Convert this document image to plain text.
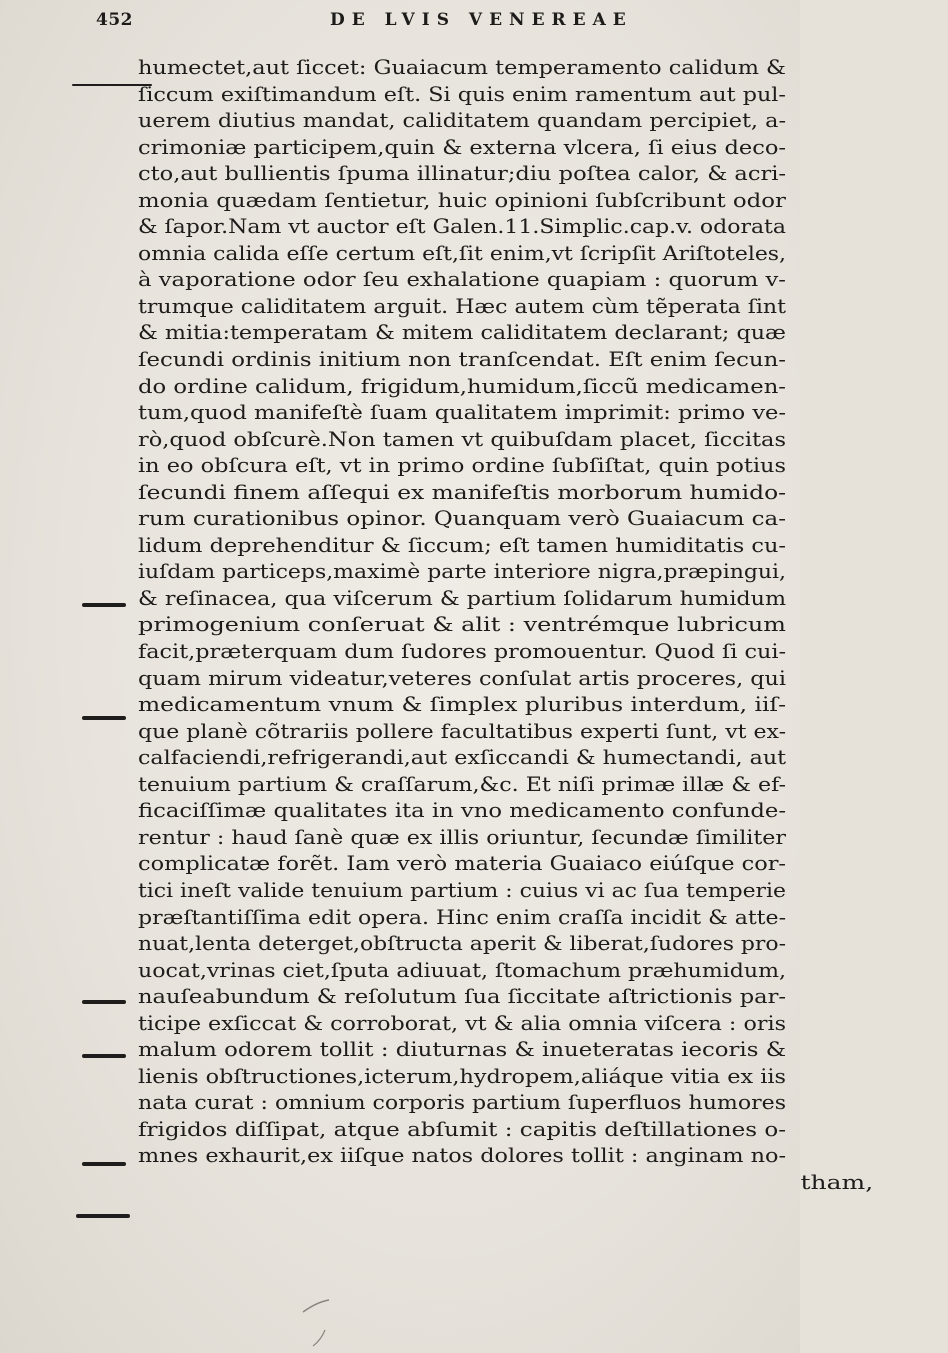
452	DE LVIS VENEREAE
humectet,aut ſiccet: Guaiacum temperamento calidum &
ſiccum exiſtimandum eſt. Si quis enim ramentum aut pul-
uerem diutius mandat, caliditatem quandam percipiet, a-
crimoniæ participem,quin & externa vlcera, ſi eius deco-
cto,aut bullientis ſpuma illinatur;diu poſtea calor, & acri-
monia quædam ſentietur, huic opinioni ſubſcribunt odor
& ſapor.Nam vt auctor eſt Galen.11.Simplic.cap.v. odorata
omnia calida eſſe certum eſt,ſit enim,vt ſcripſit Ariſtoteles,
à vaporatione odor ſeu exhalatione quapiam : quorum v-
trumque caliditatem arguit. Hæc autem cùm tẽperata ſint
& mitia:temperatam & mitem caliditatem declarant; quæ
ſecundi ordinis initium non tranſcendat. Eſt enim ſecun-
do ordine calidum, frigidum,humidum,ſiccũ medicamen-
tum,quod manifeſtè ſuam qualitatem imprimit: primo ve-
rò,quod obſcurè.Non tamen vt quibuſdam placet, ſiccitas
in eo obſcura eſt, vt in primo ordine ſubſiſtat, quin potius
ſecundi finem aſſequi ex manifeſtis morborum humido-
rum curationibus opinor. Quanquam verò Guaiacum ca-
lidum deprehenditur & ſiccum; eſt tamen humiditatis cu-
iuſdam particeps,maximè parte interiore nigra,præpingui,
& reſinacea, qua viſcerum & partium ſolidarum humidum
primogenium conſeruat & alit : ventrémque lubricum
facit,præterquam dum ſudores promouentur. Quod ſi cui-
quam mirum videatur,veteres conſulat artis proceres, qui
medicamentum vnum & ſimplex pluribus interdum, iiſ-
que planè cõtrariis pollere facultatibus experti ſunt, vt ex-
calfaciendi,refrigerandi,aut exſiccandi & humectandi, aut
tenuium partium & craſſarum,&c. Et niſi primæ illæ & ef-
ficaciſſimæ qualitates ita in vno medicamento confunde-
rentur : haud ſanè quæ ex illis oriuntur, ſecundæ ſimiliter
complicatæ forẽt. Iam verò materia Guaiaco eiúſque cor-
tici ineſt valide tenuium partium : cuius vi ac ſua temperie
præſtantiſſima edit opera. Hinc enim craſſa incidit & atte-
nuat,lenta deterget,obſtructa aperit & liberat,ſudores pro-
uocat,vrinas ciet,ſputa adiuuat, ſtomachum præhumidum,
nauſeabundum & reſolutum ſua ſiccitate aſtrictionis par-
ticipe exſiccat & corroborat, vt & alia omnia viſcera : oris
malum odorem tollit : diuturnas & inueteratas iecoris &
lienis obſtructiones,icterum,hydropem,aliáque vitia ex iis
nata curat : omnium corporis partium ſuperfluos humores
frigidos diſſipat, atque abſumit : capitis deſtillationes o-
mnes exhaurit,ex iiſque natos dolores tollit : anginam no-
tham,
